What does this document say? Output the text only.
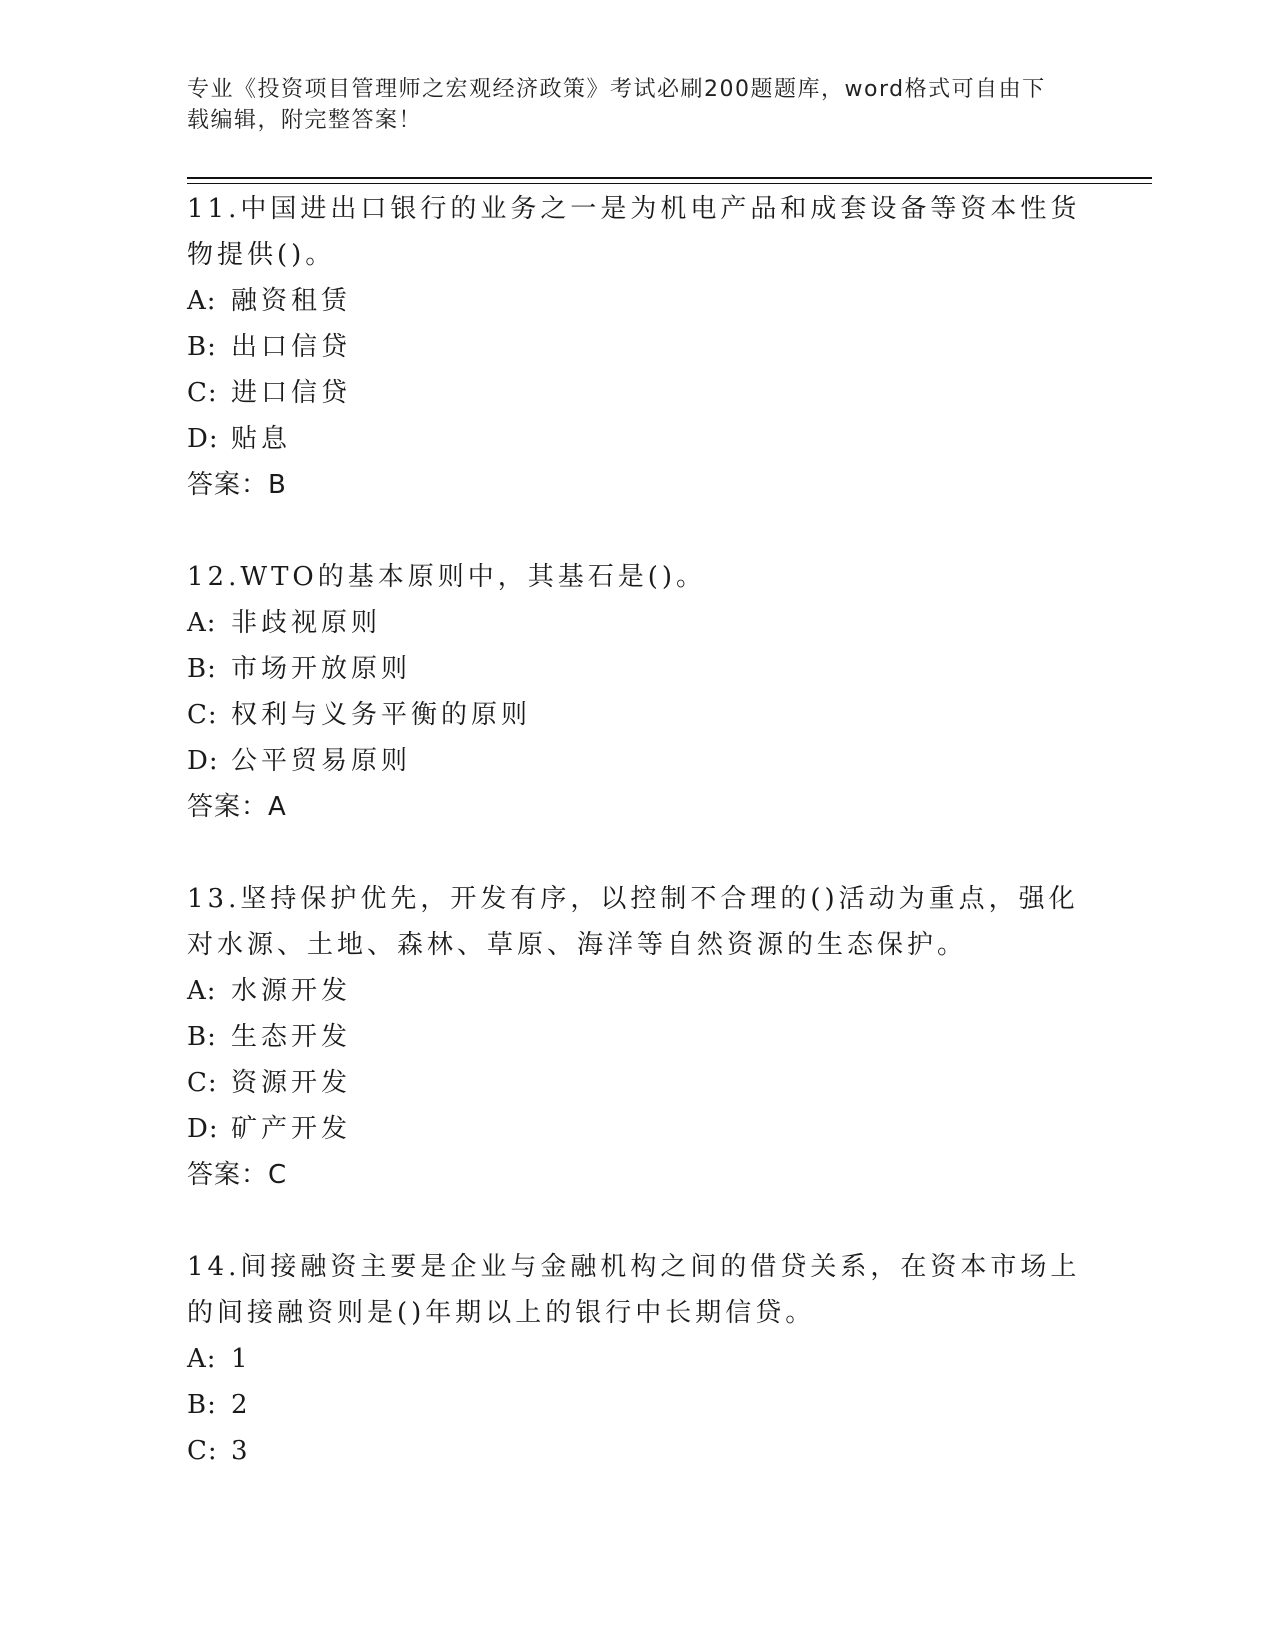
专业《投资项目管理师之宏观经济政策》考试必刷200题题库，word格式可自由下载编辑，附完整答案！

11.中国进出口银行的业务之一是为机电产品和成套设备等资本性货物提供()。

A: 融资租赁

B: 出口信贷

C: 进口信贷

D: 贴息

答案：B

12.WTO的基本原则中，其基石是()。

A: 非歧视原则

B: 市场开放原则

C: 权利与义务平衡的原则

D: 公平贸易原则

答案：A

13.坚持保护优先，开发有序，以控制不合理的()活动为重点，强化对水源、土地、森林、草原、海洋等自然资源的生态保护。

A: 水源开发

B: 生态开发

C: 资源开发

D: 矿产开发

答案：C

14.间接融资主要是企业与金融机构之间的借贷关系，在资本市场上的间接融资则是()年期以上的银行中长期信贷。

A: 1

B: 2

C: 3
